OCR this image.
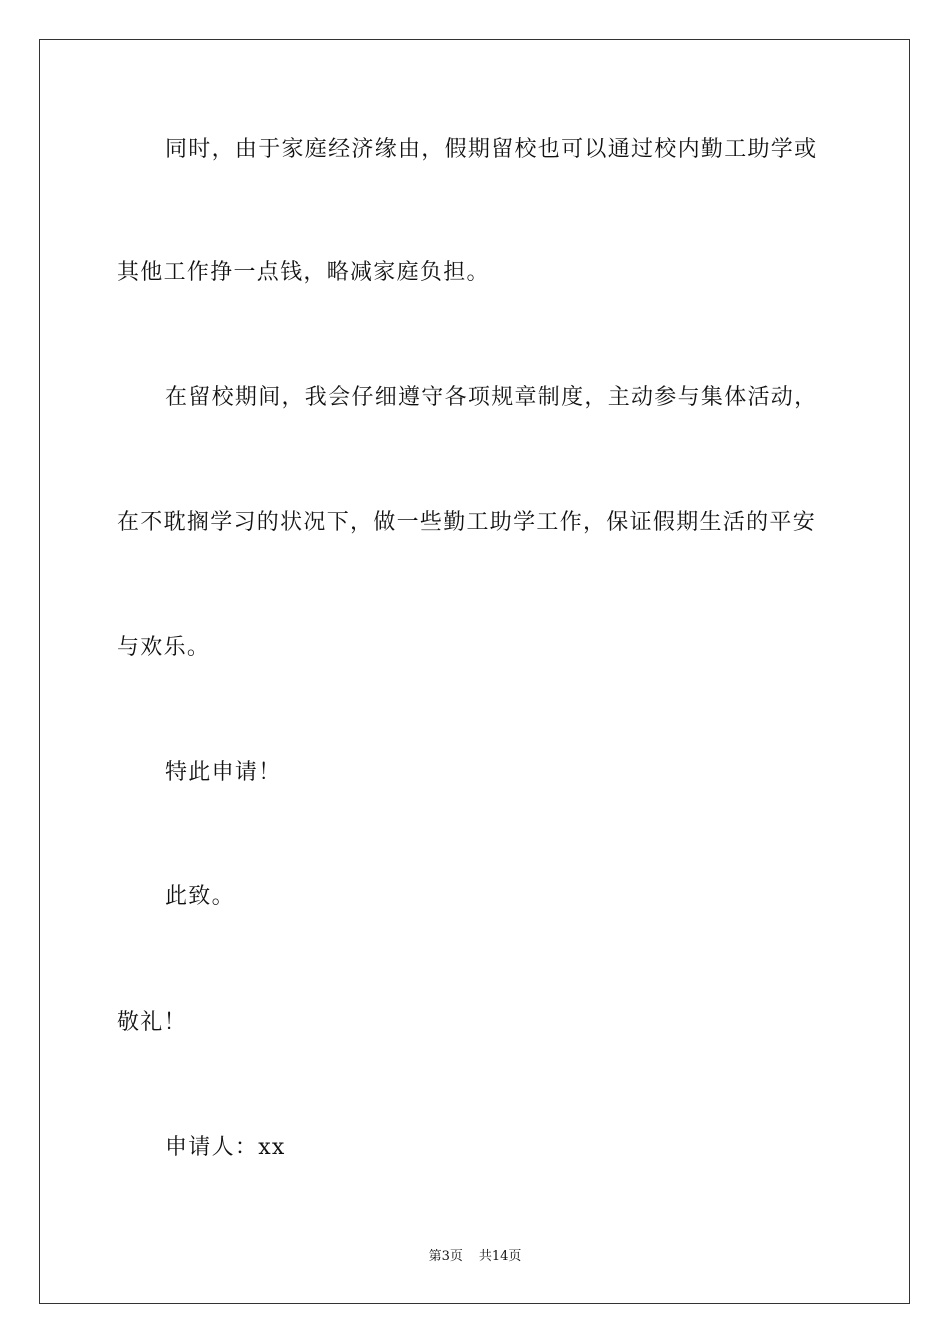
同时，由于家庭经济缘由，假期留校也可以通过校内勤工助学或
其他工作挣一点钱，略减家庭负担。
在留校期间，我会仔细遵守各项规章制度，主动参与集体活动，
在不耽搁学习的状况下，做一些勤工助学工作，保证假期生活的平安
与欢乐。
特此申请！
此致。
敬礼！
申请人：xx
第3页 共14页
